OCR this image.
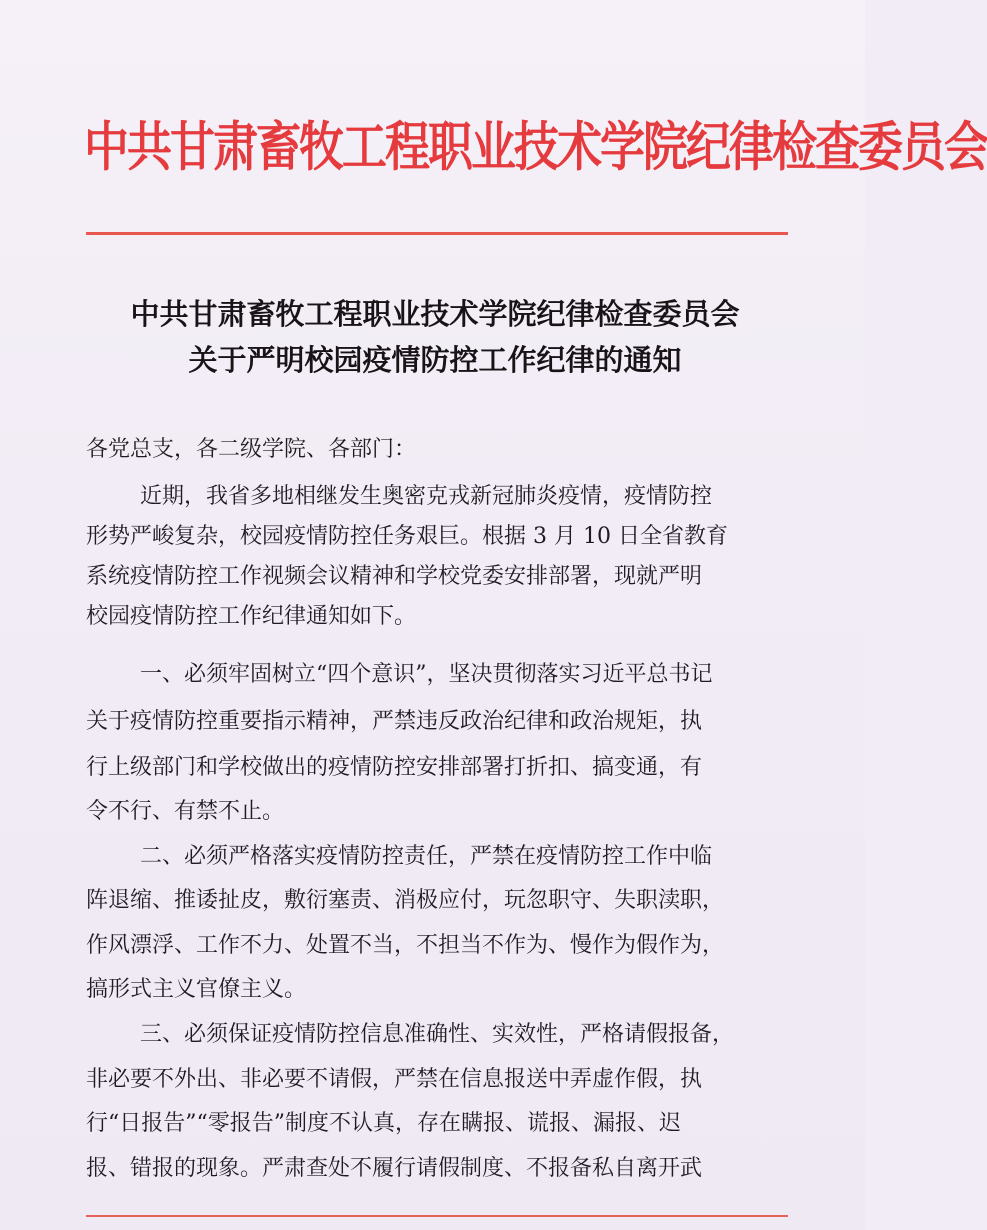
中共甘肃畜牧工程职业技术学院纪律检查委员会
中共甘肃畜牧工程职业技术学院纪律检查委员会
关于严明校园疫情防控工作纪律的通知
各党总支，各二级学院、各部门：
近期，我省多地相继发生奥密克戎新冠肺炎疫情，疫情防控
形势严峻复杂，校园疫情防控任务艰巨。根据 3 月 10 日全省教育
系统疫情防控工作视频会议精神和学校党委安排部署，现就严明
校园疫情防控工作纪律通知如下。
一、必须牢固树立“四个意识”，坚决贯彻落实习近平总书记
关于疫情防控重要指示精神，严禁违反政治纪律和政治规矩，执
行上级部门和学校做出的疫情防控安排部署打折扣、搞变通，有
令不行、有禁不止。
二、必须严格落实疫情防控责任，严禁在疫情防控工作中临
阵退缩、推诿扯皮，敷衍塞责、消极应付，玩忽职守、失职渎职，
作风漂浮、工作不力、处置不当，不担当不作为、慢作为假作为，
搞形式主义官僚主义。
三、必须保证疫情防控信息准确性、实效性，严格请假报备，
非必要不外出、非必要不请假，严禁在信息报送中弄虚作假，执
行“日报告”“零报告”制度不认真，存在瞒报、谎报、漏报、迟
报、错报的现象。严肃查处不履行请假制度、不报备私自离开武
